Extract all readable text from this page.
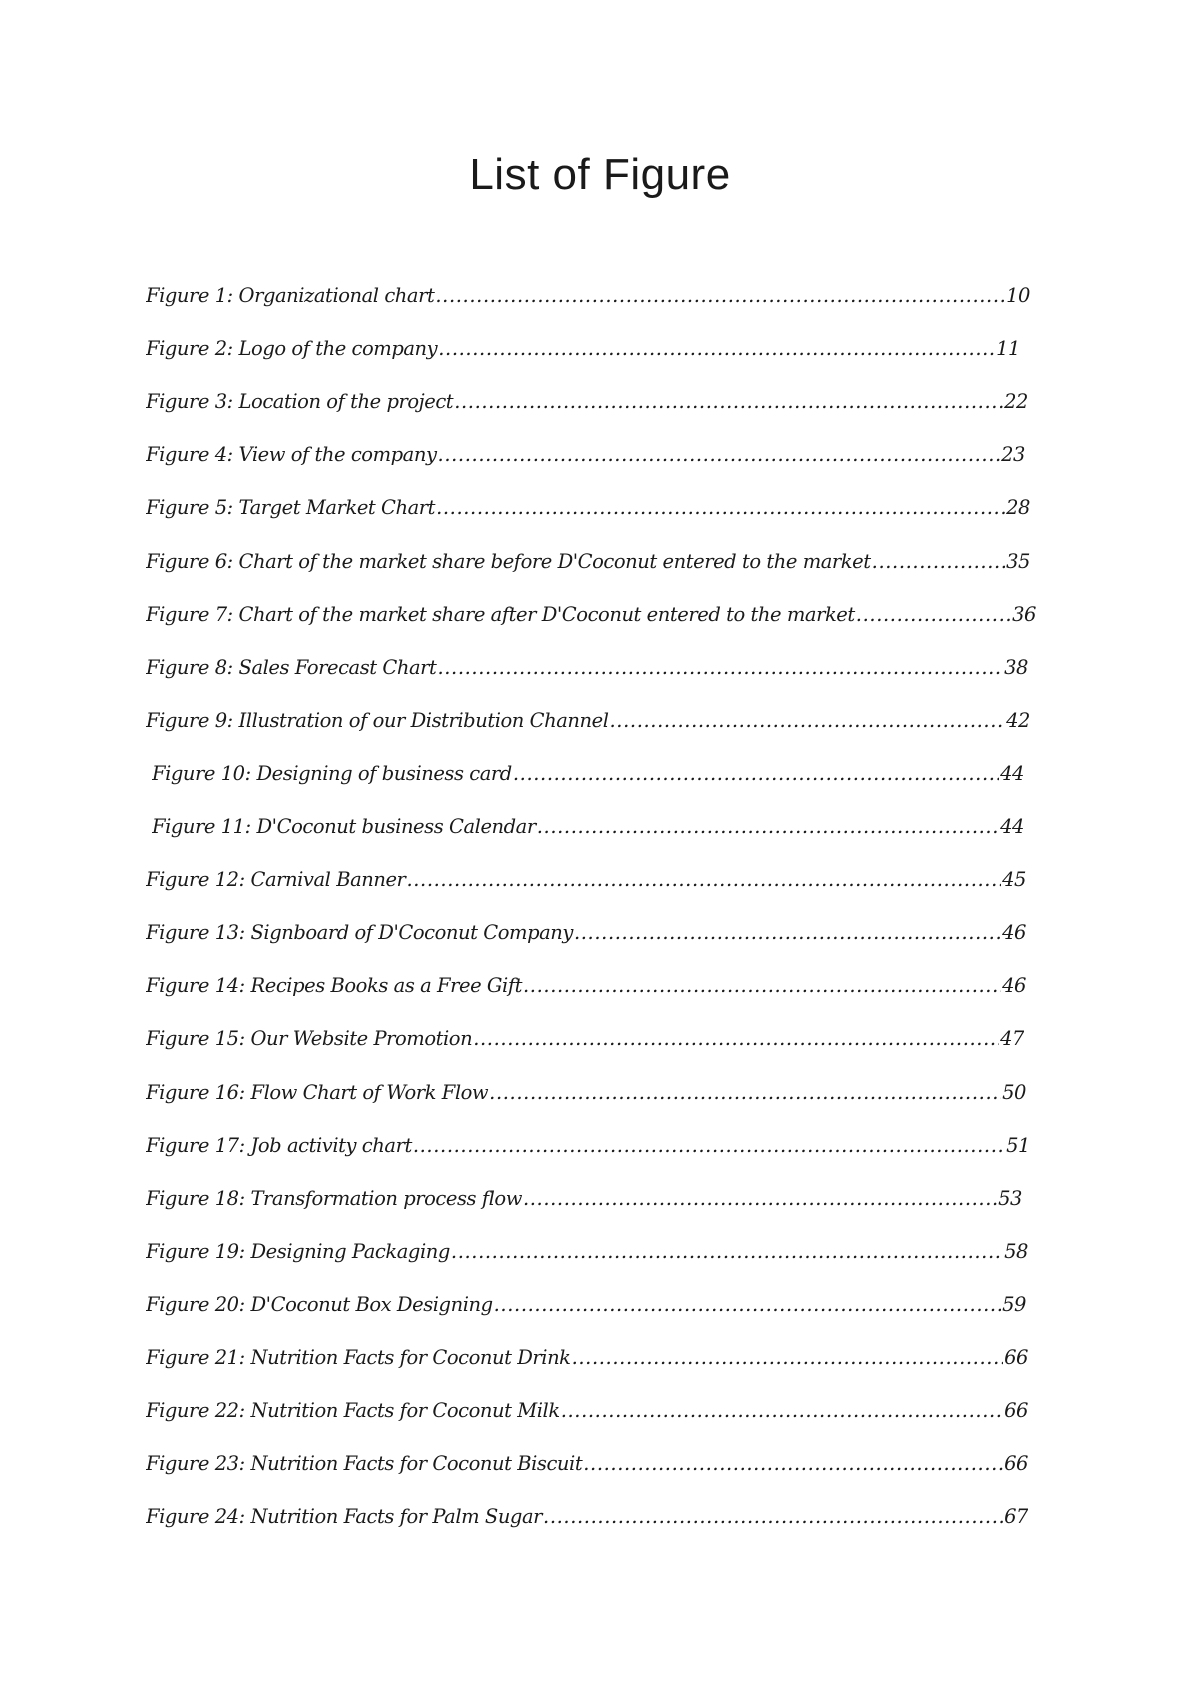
List of Figure
Figure 1: Organizational chart .....	10
Figure 2: Logo of the company .....	11
Figure 3: Location of the project .....	22
Figure 4: View of the company .....	23
Figure 5: Target Market Chart .....	28
Figure 6: Chart of the market share before D'Coconut entered to the market .....	35
Figure 7: Chart of the market share after D'Coconut entered to the market .....	36
Figure 8: Sales Forecast Chart .....	38
Figure 9: Illustration of our Distribution Channel .....	42
Figure 10: Designing of business card .....	44
Figure 11: D'Coconut business Calendar .....	44
Figure 12: Carnival Banner .....	45
Figure 13: Signboard of D'Coconut Company .....	46
Figure 14: Recipes Books as a Free Gift .....	46
Figure 15: Our Website Promotion .....	47
Figure 16: Flow Chart of Work Flow .....	50
Figure 17: Job activity chart .....	51
Figure 18: Transformation process flow .....	53
Figure 19: Designing Packaging .....	58
Figure 20: D'Coconut Box Designing .....	59
Figure 21: Nutrition Facts for Coconut Drink .....	66
Figure 22: Nutrition Facts for Coconut Milk .....	66
Figure 23: Nutrition Facts for Coconut Biscuit .....	66
Figure 24: Nutrition Facts for Palm Sugar .....	67
